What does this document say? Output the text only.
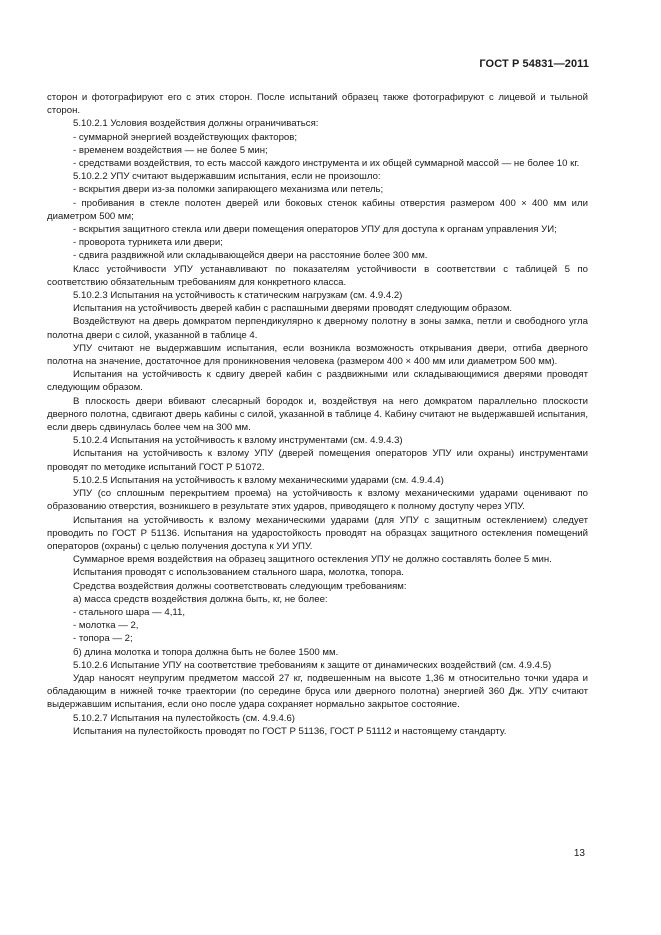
ГОСТ Р 54831—2011

сторон и фотографируют его с этих сторон. После испытаний образец также фотографируют с лицевой и тыльной сторон.

5.10.2.1 Условия воздействия должны ограничиваться:

- суммарной энергией воздействующих факторов;

- временем воздействия — не более 5 мин;

- средствами воздействия, то есть массой каждого инструмента и их общей суммарной массой — не более 10 кг.

5.10.2.2 УПУ считают выдержавшим испытания, если не произошло:

- вскрытия двери из-за поломки запирающего механизма или петель;

- пробивания в стекле полотен дверей или боковых стенок кабины отверстия размером 400 × 400 мм или диаметром 500 мм;

- вскрытия защитного стекла или двери помещения операторов УПУ для доступа к органам управления УИ;

- проворота турникета или двери;

- сдвига раздвижной или складывающейся двери на расстояние более 300 мм.

Класс устойчивости УПУ устанавливают по показателям устойчивости в соответствии с таблицей 5 по соответствию обязательным требованиям для конкретного класса.

5.10.2.3 Испытания на устойчивость к статическим нагрузкам (см. 4.9.4.2)

Испытания на устойчивость дверей кабин с распашными дверями проводят следующим образом.

Воздействуют на дверь домкратом перпендикулярно к дверному полотну в зоны замка, петли и свободного угла полотна двери с силой, указанной в таблице 4.

УПУ считают не выдержавшим испытания, если возникла возможность открывания двери, отгиба дверного полотна на значение, достаточное для проникновения человека (размером 400 × 400 мм или диаметром 500 мм).

Испытания на устойчивость к сдвигу дверей кабин с раздвижными или складывающимися дверями проводят следующим образом.

В плоскость двери вбивают слесарный бородок и, воздействуя на него домкратом параллельно плоскости дверного полотна, сдвигают дверь кабины с силой, указанной в таблице 4. Кабину считают не выдержавшей испытания, если дверь сдвинулась более чем на 300 мм.

5.10.2.4 Испытания на устойчивость к взлому инструментами (см. 4.9.4.3)

Испытания на устойчивость к взлому УПУ (дверей помещения операторов УПУ или охраны) инструментами проводят по методике испытаний ГОСТ Р 51072.

5.10.2.5 Испытания на устойчивость к взлому механическими ударами (см. 4.9.4.4)

УПУ (со сплошным перекрытием проема) на устойчивость к взлому механическими ударами оценивают по образованию отверстия, возникшего в результате этих ударов, приводящего к полному доступу через УПУ.

Испытания на устойчивость к взлому механическими ударами (для УПУ с защитным остеклением) следует проводить по ГОСТ Р 51136. Испытания на ударостойкость проводят на образцах защитного остекления помещений операторов (охраны) с целью получения доступа к УИ УПУ.

Суммарное время воздействия на образец защитного остекления УПУ не должно составлять более 5 мин.

Испытания проводят с использованием стального шара, молотка, топора.

Средства воздействия должны соответствовать следующим требованиям:

а) масса средств воздействия должна быть, кг, не более:

- стального шара — 4,11,

- молотка — 2,

- топора — 2;

б) длина молотка и топора должна быть не более 1500 мм.

5.10.2.6 Испытание УПУ на соответствие требованиям к защите от динамических воздействий (см. 4.9.4.5)

Удар наносят неупругим предметом массой 27 кг, подвешенным на высоте 1,36 м относительно точки удара и обладающим в нижней точке траектории (по середине бруса или дверного полотна) энергией 360 Дж. УПУ считают выдержавшим испытания, если оно после удара сохраняет нормально закрытое состояние.

5.10.2.7 Испытания на пулестойкость (см. 4.9.4.6)

Испытания на пулестойкость проводят по ГОСТ Р 51136, ГОСТ Р 51112 и настоящему стандарту.

13
